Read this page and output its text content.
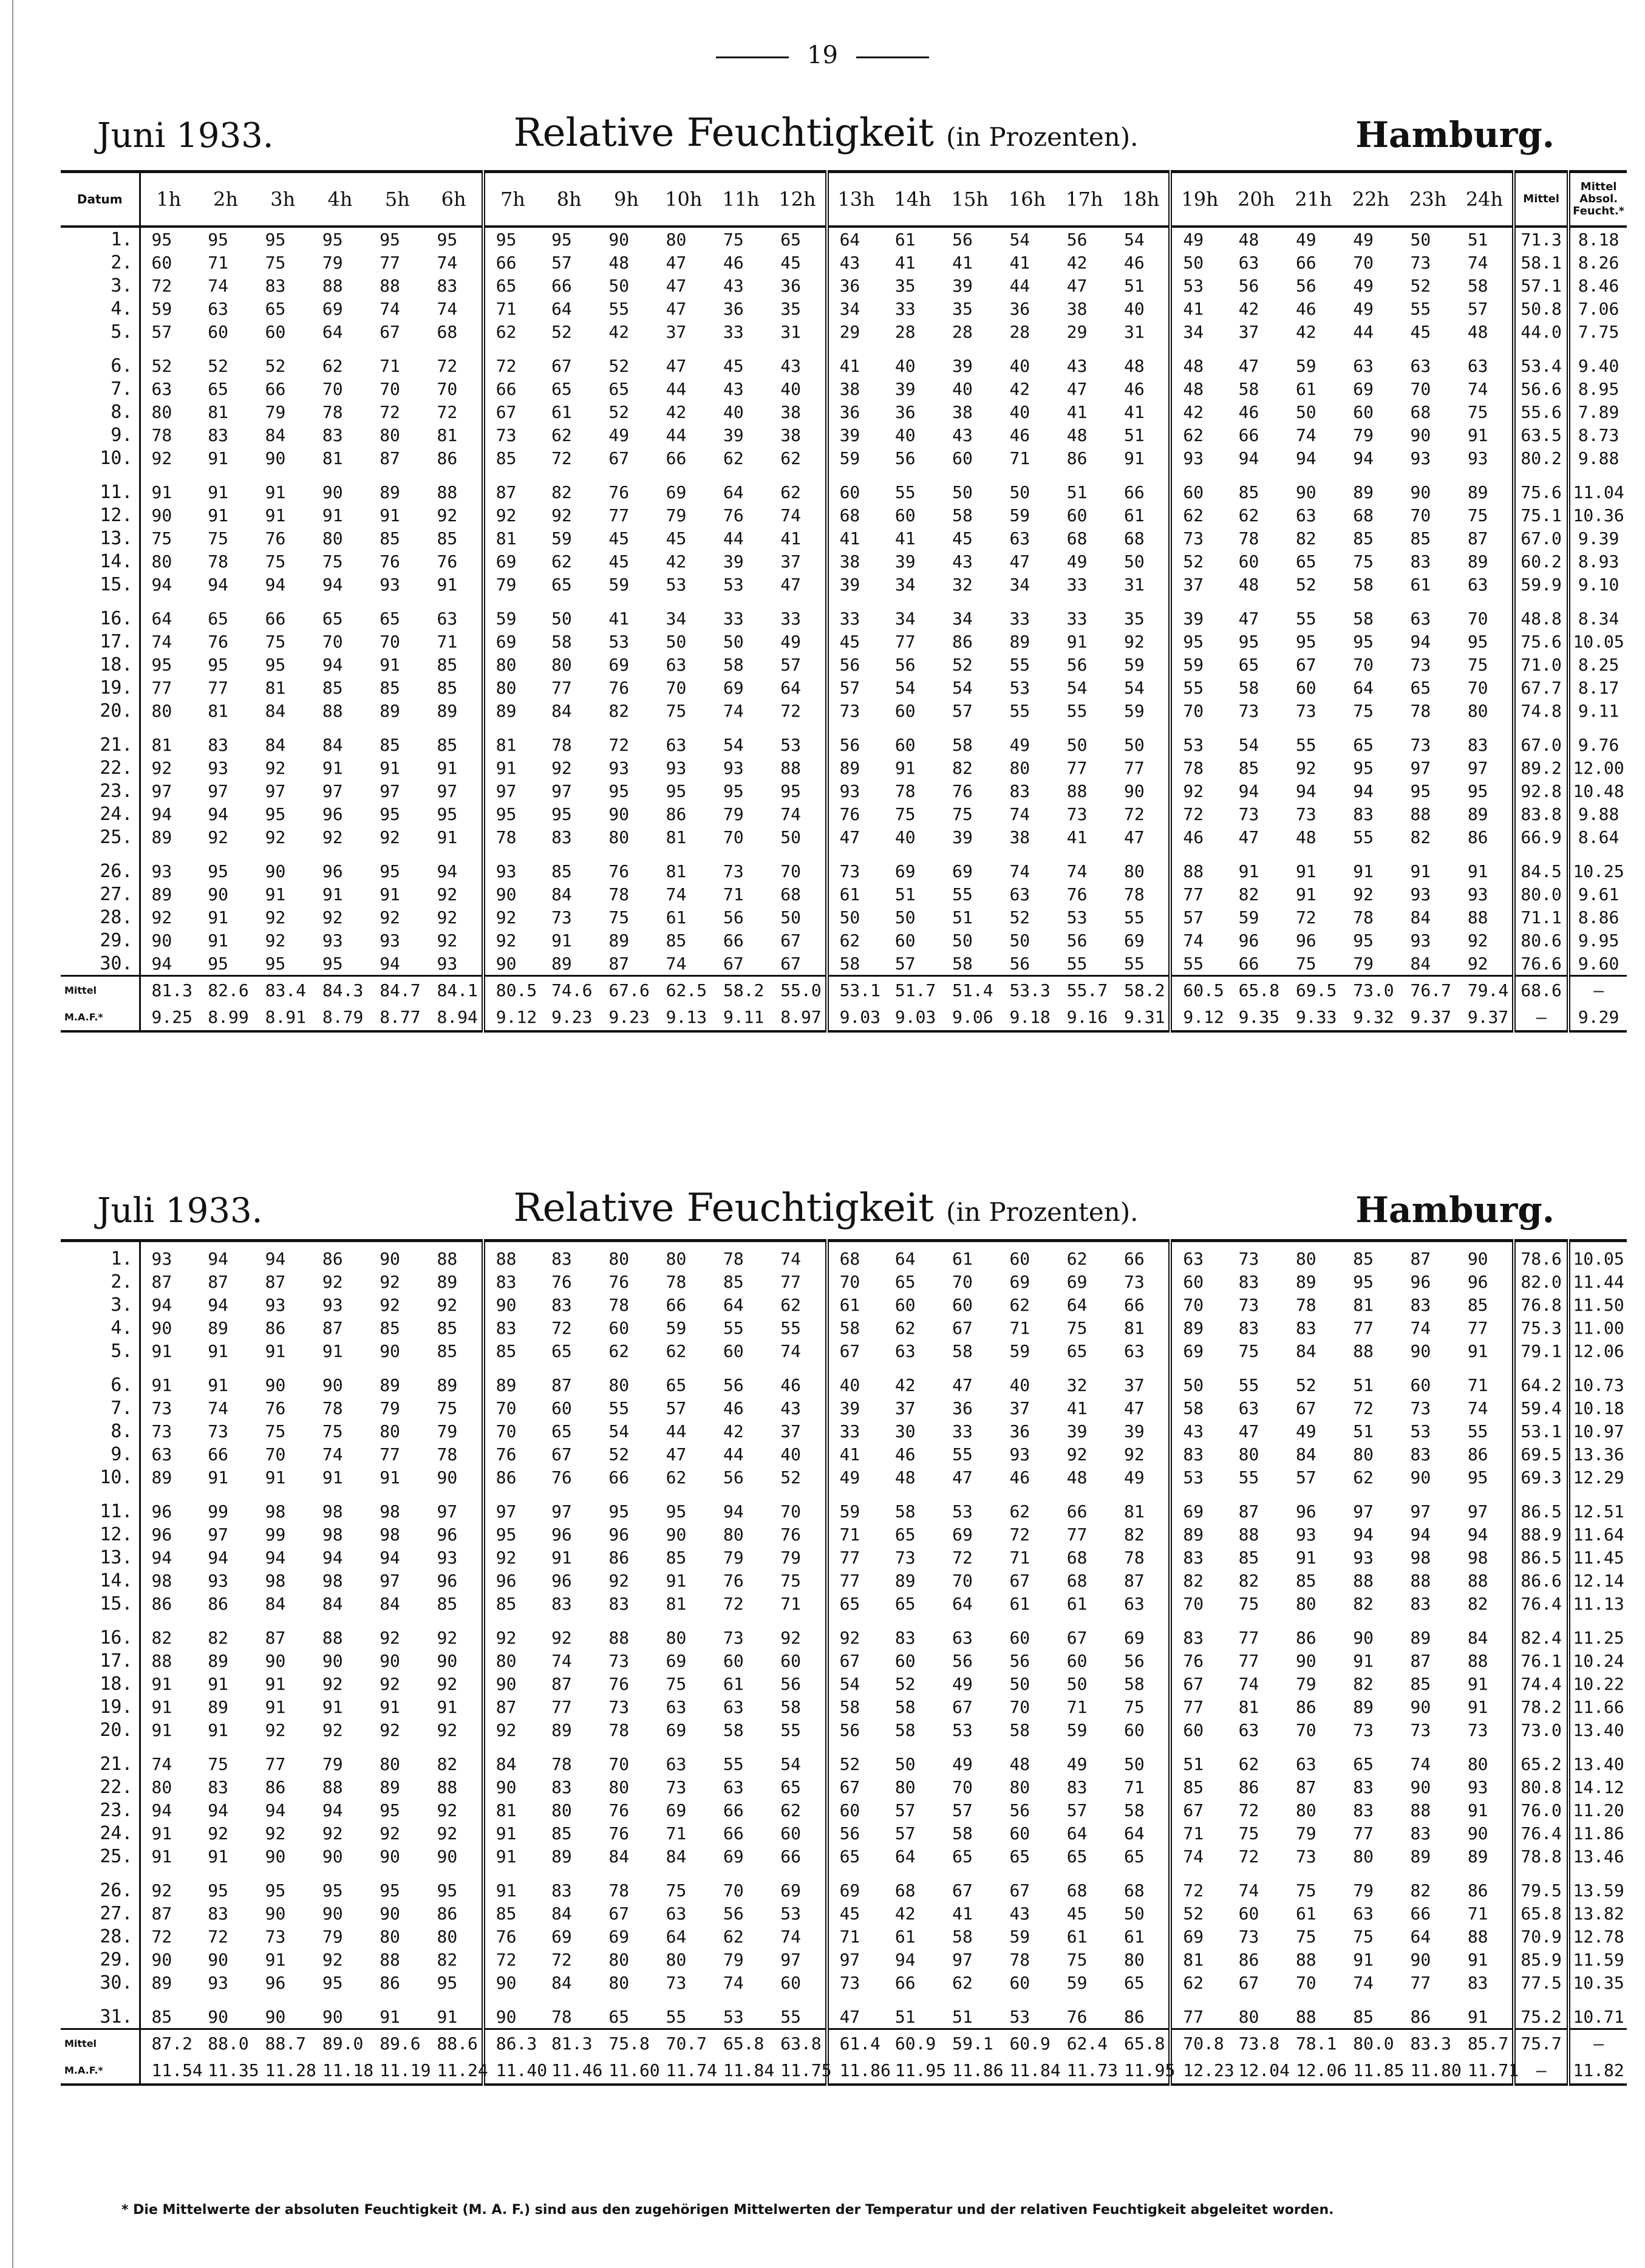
19
Juni 1933.	Relative Feuchtigkeit (in Prozenten).	Hamburg.
Datum	1h	2h	3h	4h	5h	6h	7h	8h	9h	10h	11h	12h	13h	14h	15h	16h	17h	18h	19h	20h	21h	22h	23h	24h	Mittel	Mittel Absol. Feucht.*
1.	95	95	95	95	95	95	95	95	90	80	75	65	64	61	56	54	56	54	49	48	49	49	50	51	71.3	8.18
2.	60	71	75	79	77	74	66	57	48	47	46	45	43	41	41	41	42	46	50	63	66	70	73	74	58.1	8.26
3.	72	74	83	88	88	83	65	66	50	47	43	36	36	35	39	44	47	51	53	56	56	49	52	58	57.1	8.46
4.	59	63	65	69	74	74	71	64	55	47	36	35	34	33	35	36	38	40	41	42	46	49	55	57	50.8	7.06
5.	57	60	60	64	67	68	62	52	42	37	33	31	29	28	28	28	29	31	34	37	42	44	45	48	44.0	7.75
6.	52	52	52	62	71	72	72	67	52	47	45	43	41	40	39	40	43	48	48	47	59	63	63	63	53.4	9.40
7.	63	65	66	70	70	70	66	65	65	44	43	40	38	39	40	42	47	46	48	58	61	69	70	74	56.6	8.95
8.	80	81	79	78	72	72	67	61	52	42	40	38	36	36	38	40	41	41	42	46	50	60	68	75	55.6	7.89
9.	78	83	84	83	80	81	73	62	49	44	39	38	39	40	43	46	48	51	62	66	74	79	90	91	63.5	8.73
10.	92	91	90	81	87	86	85	72	67	66	62	62	59	56	60	71	86	91	93	94	94	94	93	93	80.2	9.88
11.	91	91	91	90	89	88	87	82	76	69	64	62	60	55	50	50	51	66	60	85	90	89	90	89	75.6	11.04
12.	90	91	91	91	91	92	92	92	77	79	76	74	68	60	58	59	60	61	62	62	63	68	70	75	75.1	10.36
13.	75	75	76	80	85	85	81	59	45	45	44	41	41	41	45	63	68	68	73	78	82	85	85	87	67.0	9.39
14.	80	78	75	75	76	76	69	62	45	42	39	37	38	39	43	47	49	50	52	60	65	75	83	89	60.2	8.93
15.	94	94	94	94	93	91	79	65	59	53	53	47	39	34	32	34	33	31	37	48	52	58	61	63	59.9	9.10
16.	64	65	66	65	65	63	59	50	41	34	33	33	33	34	34	33	33	35	39	47	55	58	63	70	48.8	8.34
17.	74	76	75	70	70	71	69	58	53	50	50	49	45	77	86	89	91	92	95	95	95	95	94	95	75.6	10.05
18.	95	95	95	94	91	85	80	80	69	63	58	57	56	56	52	55	56	59	59	65	67	70	73	75	71.0	8.25
19.	77	77	81	85	85	85	80	77	76	70	69	64	57	54	54	53	54	54	55	58	60	64	65	70	67.7	8.17
20.	80	81	84	88	89	89	89	84	82	75	74	72	73	60	57	55	55	59	70	73	73	75	78	80	74.8	9.11
21.	81	83	84	84	85	85	81	78	72	63	54	53	56	60	58	49	50	50	53	54	55	65	73	83	67.0	9.76
22.	92	93	92	91	91	91	91	92	93	93	93	88	89	91	82	80	77	77	78	85	92	95	97	97	89.2	12.00
23.	97	97	97	97	97	97	97	97	95	95	95	95	93	78	76	83	88	90	92	94	94	94	95	95	92.8	10.48
24.	94	94	95	96	95	95	95	95	90	86	79	74	76	75	75	74	73	72	72	73	73	83	88	89	83.8	9.88
25.	89	92	92	92	92	91	78	83	80	81	70	50	47	40	39	38	41	47	46	47	48	55	82	86	66.9	8.64
26.	93	95	90	96	95	94	93	85	76	81	73	70	73	69	69	74	74	80	88	91	91	91	91	91	84.5	10.25
27.	89	90	91	91	91	92	90	84	78	74	71	68	61	51	55	63	76	78	77	82	91	92	93	93	80.0	9.61
28.	92	91	92	92	92	92	92	73	75	61	56	50	50	50	51	52	53	55	57	59	72	78	84	88	71.1	8.86
29.	90	91	92	93	93	92	92	91	89	85	66	67	62	60	50	50	56	69	74	96	96	95	93	92	80.6	9.95
30.	94	95	95	95	94	93	90	89	87	74	67	67	58	57	58	56	55	55	55	66	75	79	84	92	76.6	9.60
Mittel	81.3	82.6	83.4	84.3	84.7	84.1	80.5	74.6	67.6	62.5	58.2	55.0	53.1	51.7	51.4	53.3	55.7	58.2	60.5	65.8	69.5	73.0	76.7	79.4	68.6	—
M.A.F.*	9.25	8.99	8.91	8.79	8.77	8.94	9.12	9.23	9.23	9.13	9.11	8.97	9.03	9.03	9.06	9.18	9.16	9.31	9.12	9.35	9.33	9.32	9.37	9.37	—	9.29
Juli 1933.	Relative Feuchtigkeit (in Prozenten).	Hamburg.

1.	93	94	94	86	90	88	88	83	80	80	78	74	68	64	61	60	62	66	63	73	80	85	87	90	78.6	10.05
2.	87	87	87	92	92	89	83	76	76	78	85	77	70	65	70	69	69	73	60	83	89	95	96	96	82.0	11.44
3.	94	94	93	93	92	92	90	83	78	66	64	62	61	60	60	62	64	66	70	73	78	81	83	85	76.8	11.50
4.	90	89	86	87	85	85	83	72	60	59	55	55	58	62	67	71	75	81	89	83	83	77	74	77	75.3	11.00
5.	91	91	91	91	90	85	85	65	62	62	60	74	67	63	58	59	65	63	69	75	84	88	90	91	79.1	12.06
6.	91	91	90	90	89	89	89	87	80	65	56	46	40	42	47	40	32	37	50	55	52	51	60	71	64.2	10.73
7.	73	74	76	78	79	75	70	60	55	57	46	43	39	37	36	37	41	47	58	63	67	72	73	74	59.4	10.18
8.	73	73	75	75	80	79	70	65	54	44	42	37	33	30	33	36	39	39	43	47	49	51	53	55	53.1	10.97
9.	63	66	70	74	77	78	76	67	52	47	44	40	41	46	55	93	92	92	83	80	84	80	83	86	69.5	13.36
10.	89	91	91	91	91	90	86	76	66	62	56	52	49	48	47	46	48	49	53	55	57	62	90	95	69.3	12.29
11.	96	99	98	98	98	97	97	97	95	95	94	70	59	58	53	62	66	81	69	87	96	97	97	97	86.5	12.51
12.	96	97	99	98	98	96	95	96	96	90	80	76	71	65	69	72	77	82	89	88	93	94	94	94	88.9	11.64
13.	94	94	94	94	94	93	92	91	86	85	79	79	77	73	72	71	68	78	83	85	91	93	98	98	86.5	11.45
14.	98	93	98	98	97	96	96	96	92	91	76	75	77	89	70	67	68	87	82	82	85	88	88	88	86.6	12.14
15.	86	86	84	84	84	85	85	83	83	81	72	71	65	65	64	61	61	63	70	75	80	82	83	82	76.4	11.13
16.	82	82	87	88	92	92	92	92	88	80	73	92	92	83	63	60	67	69	83	77	86	90	89	84	82.4	11.25
17.	88	89	90	90	90	90	80	74	73	69	60	60	67	60	56	56	60	56	76	77	90	91	87	88	76.1	10.24
18.	91	91	91	92	92	92	90	87	76	75	61	56	54	52	49	50	50	58	67	74	79	82	85	91	74.4	10.22
19.	91	89	91	91	91	91	87	77	73	63	63	58	58	58	67	70	71	75	77	81	86	89	90	91	78.2	11.66
20.	91	91	92	92	92	92	92	89	78	69	58	55	56	58	53	58	59	60	60	63	70	73	73	73	73.0	13.40
21.	74	75	77	79	80	82	84	78	70	63	55	54	52	50	49	48	49	50	51	62	63	65	74	80	65.2	13.40
22.	80	83	86	88	89	88	90	83	80	73	63	65	67	80	70	80	83	71	85	86	87	83	90	93	80.8	14.12
23.	94	94	94	94	95	92	81	80	76	69	66	62	60	57	57	56	57	58	67	72	80	83	88	91	76.0	11.20
24.	91	92	92	92	92	92	91	85	76	71	66	60	56	57	58	60	64	64	71	75	79	77	83	90	76.4	11.86
25.	91	91	90	90	90	90	91	89	84	84	69	66	65	64	65	65	65	65	74	72	73	80	89	89	78.8	13.46
26.	92	95	95	95	95	95	91	83	78	75	70	69	69	68	67	67	68	68	72	74	75	79	82	86	79.5	13.59
27.	87	83	90	90	90	86	85	84	67	63	56	53	45	42	41	43	45	50	52	60	61	63	66	71	65.8	13.82
28.	72	72	73	79	80	80	76	69	69	64	62	74	71	61	58	59	61	61	69	73	75	75	64	88	70.9	12.78
29.	90	90	91	92	88	82	72	72	80	80	79	97	97	94	97	78	75	80	81	86	88	91	90	91	85.9	11.59
30.	89	93	96	95	86	95	90	84	80	73	74	60	73	66	62	60	59	65	62	67	70	74	77	83	77.5	10.35
31.	85	90	90	90	91	91	90	78	65	55	53	55	47	51	51	53	76	86	77	80	88	85	86	91	75.2	10.71
Mittel	87.2	88.0	88.7	89.0	89.6	88.6	86.3	81.3	75.8	70.7	65.8	63.8	61.4	60.9	59.1	60.9	62.4	65.8	70.8	73.8	78.1	80.0	83.3	85.7	75.7	—
M.A.F.*	11.54	11.35	11.28	11.18	11.19	11.24	11.40	11.46	11.60	11.74	11.84	11.75	11.86	11.95	11.86	11.84	11.73	11.95	12.23	12.04	12.06	11.85	11.80	11.71	—	11.82
* Die Mittelwerte der absoluten Feuchtigkeit (M. A. F.) sind aus den zugehörigen Mittelwerten der Temperatur und der relativen Feuchtigkeit abgeleitet worden.
